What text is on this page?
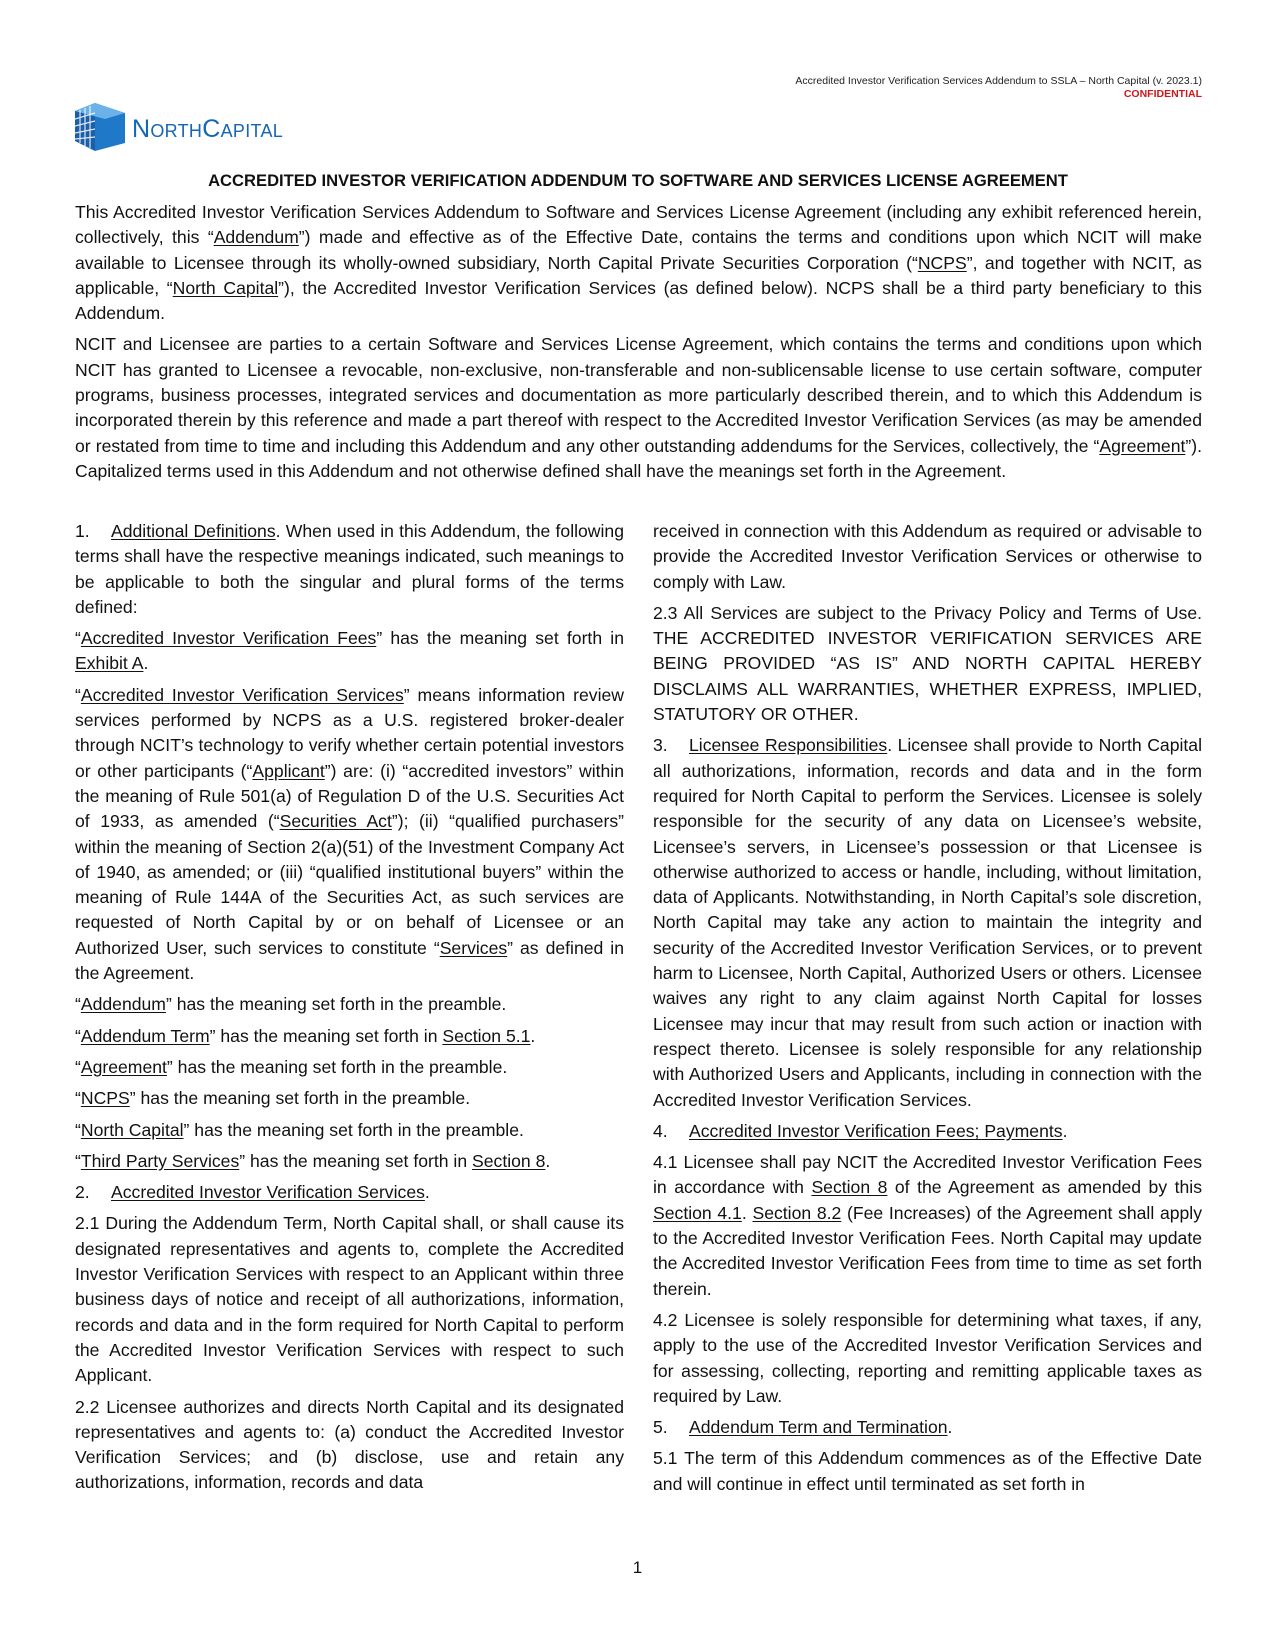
Accredited Investor Verification Services Addendum to SSLA – North Capital (v. 2023.1)
CONFIDENTIAL
NorthCapital
ACCREDITED INVESTOR VERIFICATION ADDENDUM TO SOFTWARE AND SERVICES LICENSE AGREEMENT

This Accredited Investor Verification Services Addendum to Software and Services License Agreement (including any exhibit referenced herein, collectively, this “Addendum”) made and effective as of the Effective Date, contains the terms and conditions upon which NCIT will make available to Licensee through its wholly-owned subsidiary, North Capital Private Securities Corporation (“NCPS”, and together with NCIT, as applicable, “North Capital”), the Accredited Investor Verification Services (as defined below). NCPS shall be a third party beneficiary to this Addendum.

NCIT and Licensee are parties to a certain Software and Services License Agreement, which contains the terms and conditions upon which NCIT has granted to Licensee a revocable, non-exclusive, non-transferable and non-sublicensable license to use certain software, computer programs, business processes, integrated services and documentation as more particularly described therein, and to which this Addendum is incorporated therein by this reference and made a part thereof with respect to the Accredited Investor Verification Services (as may be amended or restated from time to time and including this Addendum and any other outstanding addendums for the Services, collectively, the “Agreement”). Capitalized terms used in this Addendum and not otherwise defined shall have the meanings set forth in the Agreement.

1. Additional Definitions. When used in this Addendum, the following terms shall have the respective meanings indicated, such meanings to be applicable to both the singular and plural forms of the terms defined:

“Accredited Investor Verification Fees” has the meaning set forth in Exhibit A.

“Accredited Investor Verification Services” means information review services performed by NCPS as a U.S. registered broker-dealer through NCIT’s technology to verify whether certain potential investors or other participants (“Applicant”) are: (i) “accredited investors” within the meaning of Rule 501(a) of Regulation D of the U.S. Securities Act of 1933, as amended (“Securities Act”); (ii) “qualified purchasers” within the meaning of Section 2(a)(51) of the Investment Company Act of 1940, as amended; or (iii) “qualified institutional buyers” within the meaning of Rule 144A of the Securities Act, as such services are requested of North Capital by or on behalf of Licensee or an Authorized User, such services to constitute “Services” as defined in the Agreement.

“Addendum” has the meaning set forth in the preamble.

“Addendum Term” has the meaning set forth in Section 5.1.

“Agreement” has the meaning set forth in the preamble.

“NCPS” has the meaning set forth in the preamble.

“North Capital” has the meaning set forth in the preamble.

“Third Party Services” has the meaning set forth in Section 8.

2. Accredited Investor Verification Services.

2.1 During the Addendum Term, North Capital shall, or shall cause its designated representatives and agents to, complete the Accredited Investor Verification Services with respect to an Applicant within three business days of notice and receipt of all authorizations, information, records and data and in the form required for North Capital to perform the Accredited Investor Verification Services with respect to such Applicant.

2.2 Licensee authorizes and directs North Capital and its designated representatives and agents to: (a) conduct the Accredited Investor Verification Services; and (b) disclose, use and retain any authorizations, information, records and data

received in connection with this Addendum as required or advisable to provide the Accredited Investor Verification Services or otherwise to comply with Law.

2.3 All Services are subject to the Privacy Policy and Terms of Use. THE ACCREDITED INVESTOR VERIFICATION SERVICES ARE BEING PROVIDED “AS IS” AND NORTH CAPITAL HEREBY DISCLAIMS ALL WARRANTIES, WHETHER EXPRESS, IMPLIED, STATUTORY OR OTHER.

3. Licensee Responsibilities. Licensee shall provide to North Capital all authorizations, information, records and data and in the form required for North Capital to perform the Services. Licensee is solely responsible for the security of any data on Licensee’s website, Licensee’s servers, in Licensee’s possession or that Licensee is otherwise authorized to access or handle, including, without limitation, data of Applicants. Notwithstanding, in North Capital’s sole discretion, North Capital may take any action to maintain the integrity and security of the Accredited Investor Verification Services, or to prevent harm to Licensee, North Capital, Authorized Users or others. Licensee waives any right to any claim against North Capital for losses Licensee may incur that may result from such action or inaction with respect thereto. Licensee is solely responsible for any relationship with Authorized Users and Applicants, including in connection with the Accredited Investor Verification Services.

4. Accredited Investor Verification Fees; Payments.

4.1 Licensee shall pay NCIT the Accredited Investor Verification Fees in accordance with Section 8 of the Agreement as amended by this Section 4.1. Section 8.2 (Fee Increases) of the Agreement shall apply to the Accredited Investor Verification Fees. North Capital may update the Accredited Investor Verification Fees from time to time as set forth therein.

4.2 Licensee is solely responsible for determining what taxes, if any, apply to the use of the Accredited Investor Verification Services and for assessing, collecting, reporting and remitting applicable taxes as required by Law.

5. Addendum Term and Termination.

5.1 The term of this Addendum commences as of the Effective Date and will continue in effect until terminated as set forth in

1
